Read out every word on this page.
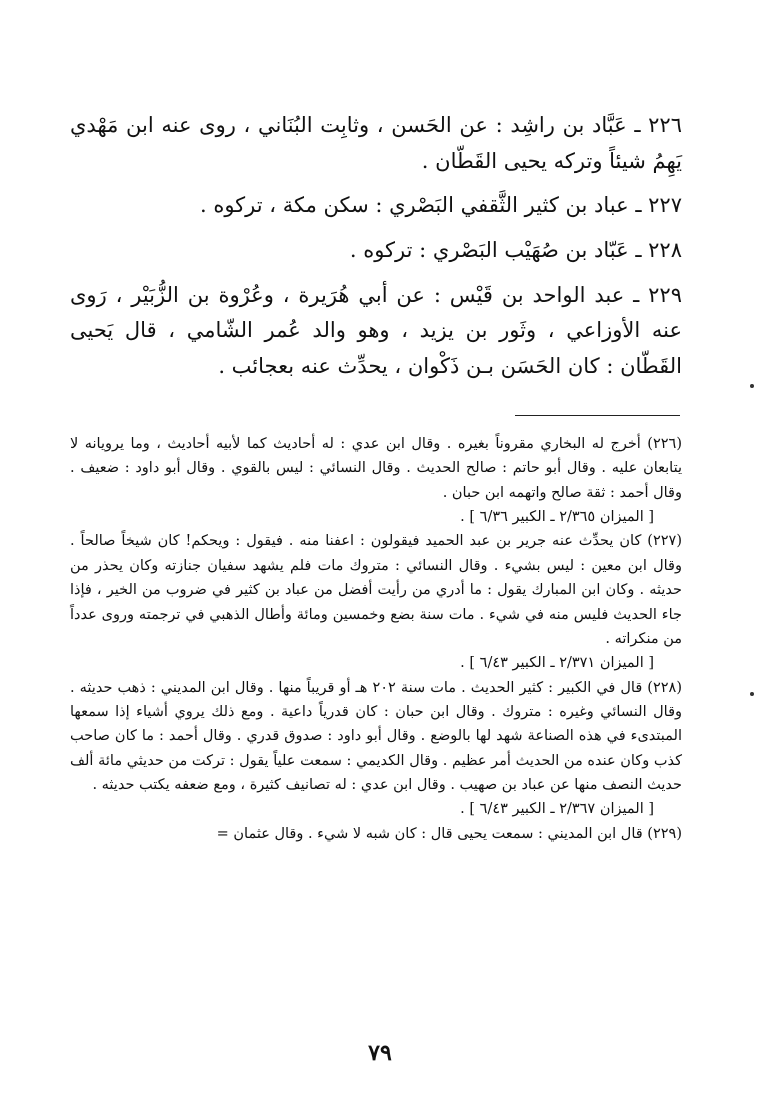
٢٢٦ ـ عَبَّاد بن راشِد : عن الحَسن ، وثابِت البُنَاني ، روى عنه ابن مَهْدي يَهِمُ شيئاً وتركه يحيى القَطّان .

٢٢٧ ـ عباد بن كثير الثَّقفي البَصْري : سكن مكة ، تركوه .

٢٢٨ ـ عَبّاد بن صُهَيْب البَصْري : تركوه .

٢٢٩ ـ عبد الواحد بن قَيْس : عن أبي هُرَيرة ، وعُرْوة بن الزُّبَيْر ، رَوى عنه الأوزاعي ، وثَور بن يزيد ، وهو والد عُمر الشّامي ، قال يَحيى القَطّان : كان الحَسَن بـن ذَكْوان ، يحدِّث عنه بعجائب .

(٢٢٦) أخرج له البخاري مقروناً بغيره . وقال ابن عدي : له أحاديث كما لأبيه أحاديث ، وما يرويانه لا يتابعان عليه . وقال أبو حاتم : صالح الحديث . وقال النسائي : ليس بالقوي . وقال أبو داود : ضعيف . وقال أحمد : ثقة صالح واتهمه ابن حبان .

[ الميزان ٢/٣٦٥ ـ الكبير ٦/٣٦ ] .

(٢٢٧) كان يحدِّث عنه جرير بن عبد الحميد فيقولون : اعفنا منه . فيقول : ويحكم! كان شيخاً صالحاً . وقال ابن معين : ليس بشيء . وقال النسائي : متروك مات فلم يشهد سفيان جنازته وكان يحذر من حديثه . وكان ابن المبارك يقول : ما أدري من رأيت أفضل من عباد بن كثير في ضروب من الخير ، فإذا جاء الحديث فليس منه في شيء . مات سنة بضع وخمسين ومائة وأطال الذهبي في ترجمته وروى عدداً من منكراته .

[ الميزان ٢/٣٧١ ـ الكبير ٦/٤٣ ] .

(٢٢٨) قال في الكبير : كثير الحديث . مات سنة ٢٠٢ هـ أو قريباً منها . وقال ابن المديني : ذهب حديثه . وقال النسائي وغيره : متروك . وقال ابن حبان : كان قدرياً داعية . ومع ذلك يروي أشياء إذا سمعها المبتدىء في هذه الصناعة شهد لها بالوضع . وقال أبو داود : صدوق قدري . وقال أحمد : ما كان صاحب كذب وكان عنده من الحديث أمر عظيم . وقال الكديمي : سمعت علياً يقول : تركت من حديثي مائة ألف حديث النصف منها عن عباد بن صهيب . وقال ابن عدي : له تصانيف كثيرة ، ومع ضعفه يكتب حديثه .

[ الميزان ٢/٣٦٧ ـ الكبير ٦/٤٣ ] .

(٢٢٩) قال ابن المديني : سمعت يحيى قال : كان شبه لا شيء . وقال عثمان =

٧٩
